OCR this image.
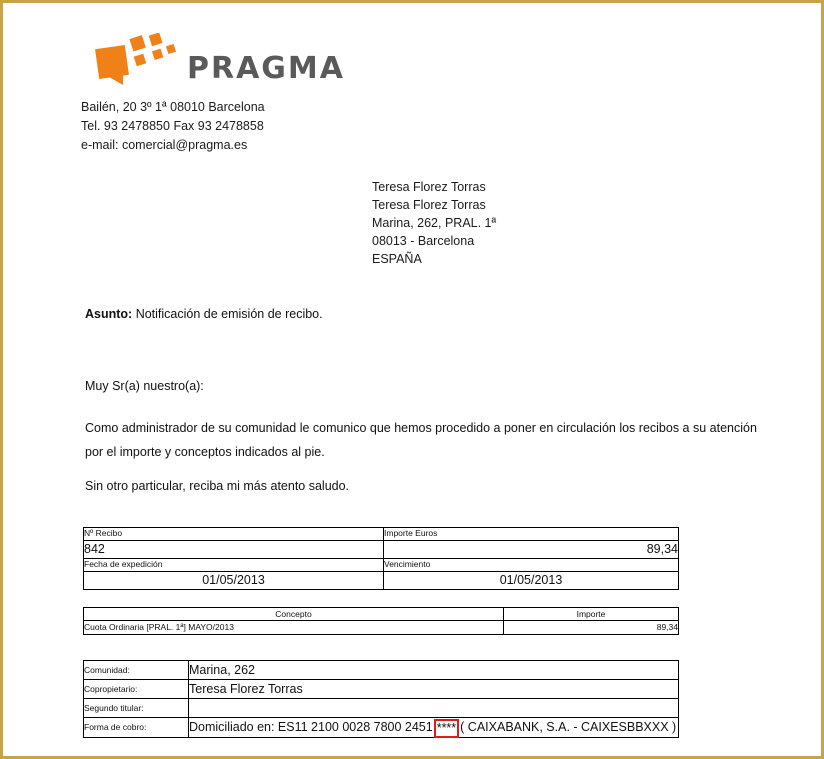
PRAGMA
Bailén, 20 3º 1ª 08010 Barcelona
Tel. 93 2478850 Fax 93 2478858
e-mail: comercial@pragma.es
Teresa Florez Torras
Teresa Florez Torras
Marina, 262, PRAL. 1ª
08013 - Barcelona
ESPAÑA
Asunto: Notificación de emisión de recibo.
Muy Sr(a) nuestro(a):
Como administrador de su comunidad le comunico que hemos procedido a poner en circulación los recibos a su atención por el importe y conceptos indicados al pie.
Sin otro particular, reciba mi más atento saludo.
Nº Recibo	Importe Euros
842	89,34
Fecha de expedición	Vencimiento
01/05/2013	01/05/2013
Concepto	Importe
Cuota Ordinaria [PRAL. 1ª] MAYO/2013	89,34
Comunidad:	Marina, 262
Copropietario:	Teresa Florez Torras
Segundo titular:	
Forma de cobro:	Domiciliado en: ES11 2100 0028 7800 2451 **** ( CAIXABANK, S.A. - CAIXESBBXXX )
